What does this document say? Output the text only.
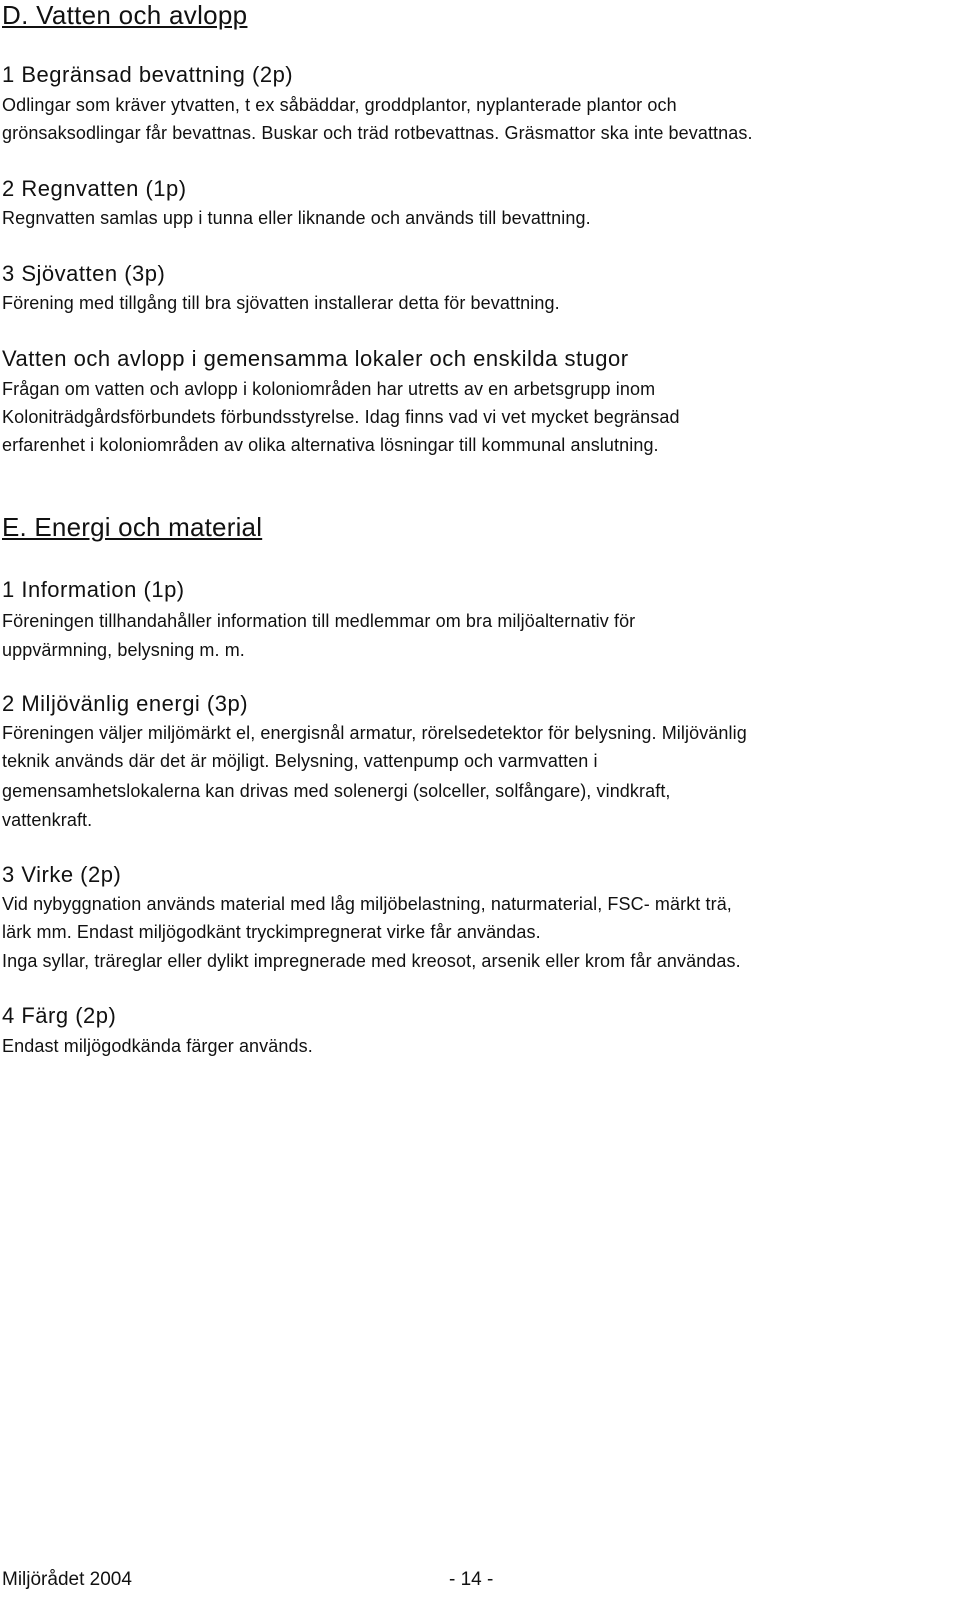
D. Vatten och avlopp
1 Begränsad bevattning (2p)
Odlingar som kräver ytvatten, t ex såbäddar, groddplantor, nyplanterade plantor och
grönsaksodlingar får bevattnas. Buskar och träd rotbevattnas. Gräsmattor ska inte bevattnas.
2 Regnvatten (1p)
Regnvatten samlas upp i tunna eller liknande och används till bevattning.
3 Sjövatten (3p)
Förening med tillgång till bra sjövatten installerar detta för bevattning.
Vatten och avlopp i gemensamma lokaler och enskilda stugor
Frågan om vatten och avlopp i koloniområden har utretts av en arbetsgrupp inom
Koloniträdgårdsförbundets förbundsstyrelse. Idag finns vad vi vet mycket begränsad
erfarenhet i koloniområden av olika alternativa lösningar till kommunal anslutning.
E. Energi och material
1 Information (1p)
Föreningen tillhandahåller information till medlemmar om bra miljöalternativ för
uppvärmning, belysning m. m.
2 Miljövänlig energi (3p)
Föreningen väljer miljömärkt el, energisnål armatur, rörelsedetektor för belysning. Miljövänlig
teknik används där det är möjligt. Belysning, vattenpump och varmvatten i
gemensamhetslokalerna kan drivas med solenergi (solceller, solfångare), vindkraft,
vattenkraft.
3 Virke (2p)
Vid nybyggnation används material med låg miljöbelastning, naturmaterial, FSC- märkt trä,
lärk mm. Endast miljögodkänt tryckimpregnerat virke får användas.
Inga syllar, träreglar eller dylikt impregnerade med kreosot, arsenik eller krom får användas.
4 Färg (2p)
Endast miljögodkända färger används.
Miljörådet 2004	- 14 -
